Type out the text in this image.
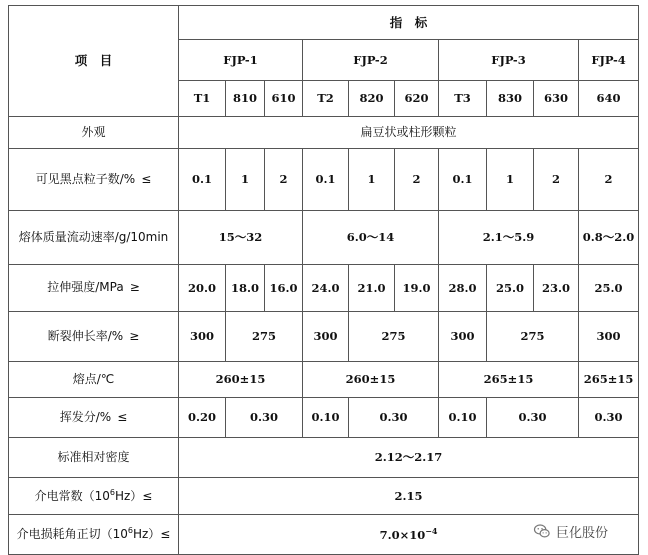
项　目	指　标									
	FJP-1			FJP-2			FJP-3			FJP-4
	T1	810	610	T2	820	620	T3	830	630	640
外观	扁豆状或柱形颗粒									
可见黑点粒子数/% ≤	0.1	1	2	0.1	1	2	0.1	1	2	2
熔体质量流动速率/g/10min	15～32			6.0～14			2.1～5.9			0.8～2.0
拉伸强度/MPa ≥	20.0	18.0	16.0	24.0	21.0	19.0	28.0	25.0	23.0	25.0
断裂伸长率/% ≥	300	275		300	275		300	275		300
熔点/℃	260±15			260±15			265±15			265±15
挥发分/% ≤	0.20	0.30		0.10	0.30		0.10	0.30		0.30
标准相对密度	2.12～2.17									
介电常数$(10^6Hz)\le$	2.15									
介电损耗角正切$(10^6Hz)\le$	$7.0\times 10^{-4}$	巨化股份
